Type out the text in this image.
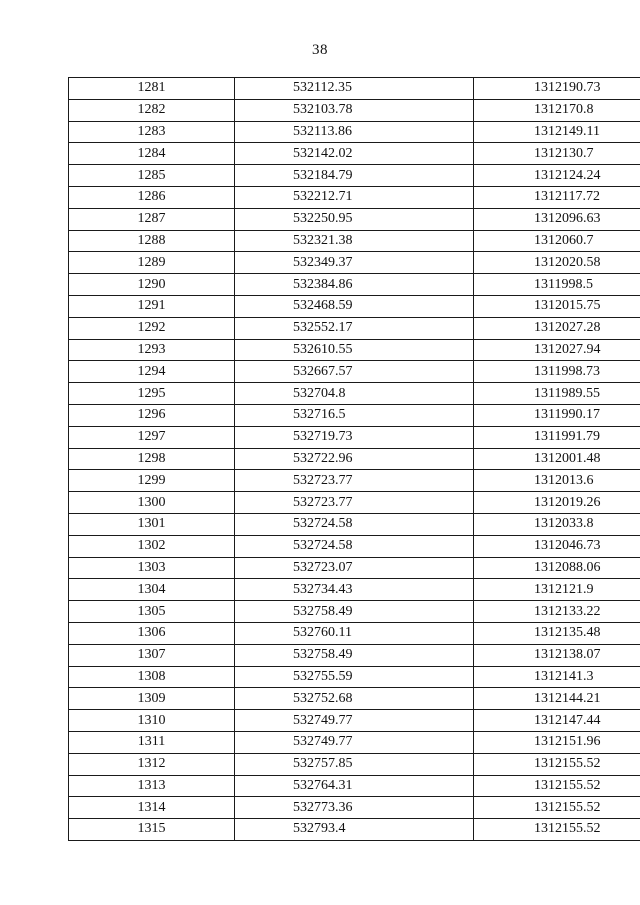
38
1281	532112.35	1312190.73
1282	532103.78	1312170.8
1283	532113.86	1312149.11
1284	532142.02	1312130.7
1285	532184.79	1312124.24
1286	532212.71	1312117.72
1287	532250.95	1312096.63
1288	532321.38	1312060.7
1289	532349.37	1312020.58
1290	532384.86	1311998.5
1291	532468.59	1312015.75
1292	532552.17	1312027.28
1293	532610.55	1312027.94
1294	532667.57	1311998.73
1295	532704.8	1311989.55
1296	532716.5	1311990.17
1297	532719.73	1311991.79
1298	532722.96	1312001.48
1299	532723.77	1312013.6
1300	532723.77	1312019.26
1301	532724.58	1312033.8
1302	532724.58	1312046.73
1303	532723.07	1312088.06
1304	532734.43	1312121.9
1305	532758.49	1312133.22
1306	532760.11	1312135.48
1307	532758.49	1312138.07
1308	532755.59	1312141.3
1309	532752.68	1312144.21
1310	532749.77	1312147.44
1311	532749.77	1312151.96
1312	532757.85	1312155.52
1313	532764.31	1312155.52
1314	532773.36	1312155.52
1315	532793.4	1312155.52
